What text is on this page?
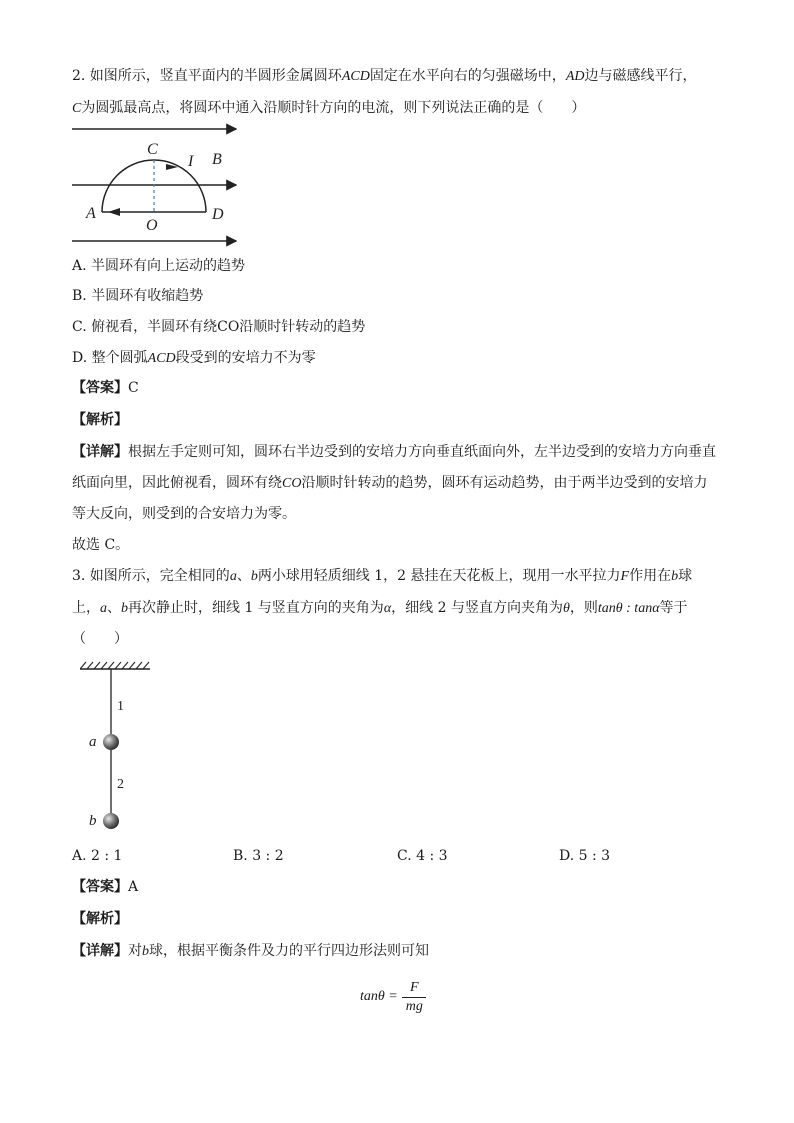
2. 如图所示，竖直平面内的半圆形金属圆环ACD固定在水平向右的匀强磁场中，AD边与磁感线平行，
C为圆弧最高点，将圆环中通入沿顺时针方向的电流，则下列说法正确的是（　　）
C
I B
A
O
D
A. 半圆环有向上运动的趋势
B. 半圆环有收缩趋势
C. 俯视看，半圆环有绕CO沿顺时针转动的趋势
D. 整个圆弧ACD段受到的安培力不为零
【答案】C
【解析】
【详解】根据左手定则可知，圆环右半边受到的安培力方向垂直纸面向外，左半边受到的安培力方向垂直
纸面向里，因此俯视看，圆环有绕CO沿顺时针转动的趋势，圆环有运动趋势，由于两半边受到的安培力
等大反向，则受到的合安培力为零。
故选 C。
3. 如图所示，完全相同的a、b两小球用轻质细线 1，2 悬挂在天花板上，现用一水平拉力F作用在b球
上，a、b再次静止时，细线 1 与竖直方向的夹角为α，细线 2 与竖直方向夹角为θ，则tanθ : tanα等于
（　　）
1
a
2
b
A. 2 : 1	B. 3 : 2	C. 4 : 3	D. 5 : 3
【答案】A
【解析】
【详解】对b球，根据平衡条件及力的平行四边形法则可知
tanθ =
F
mg
